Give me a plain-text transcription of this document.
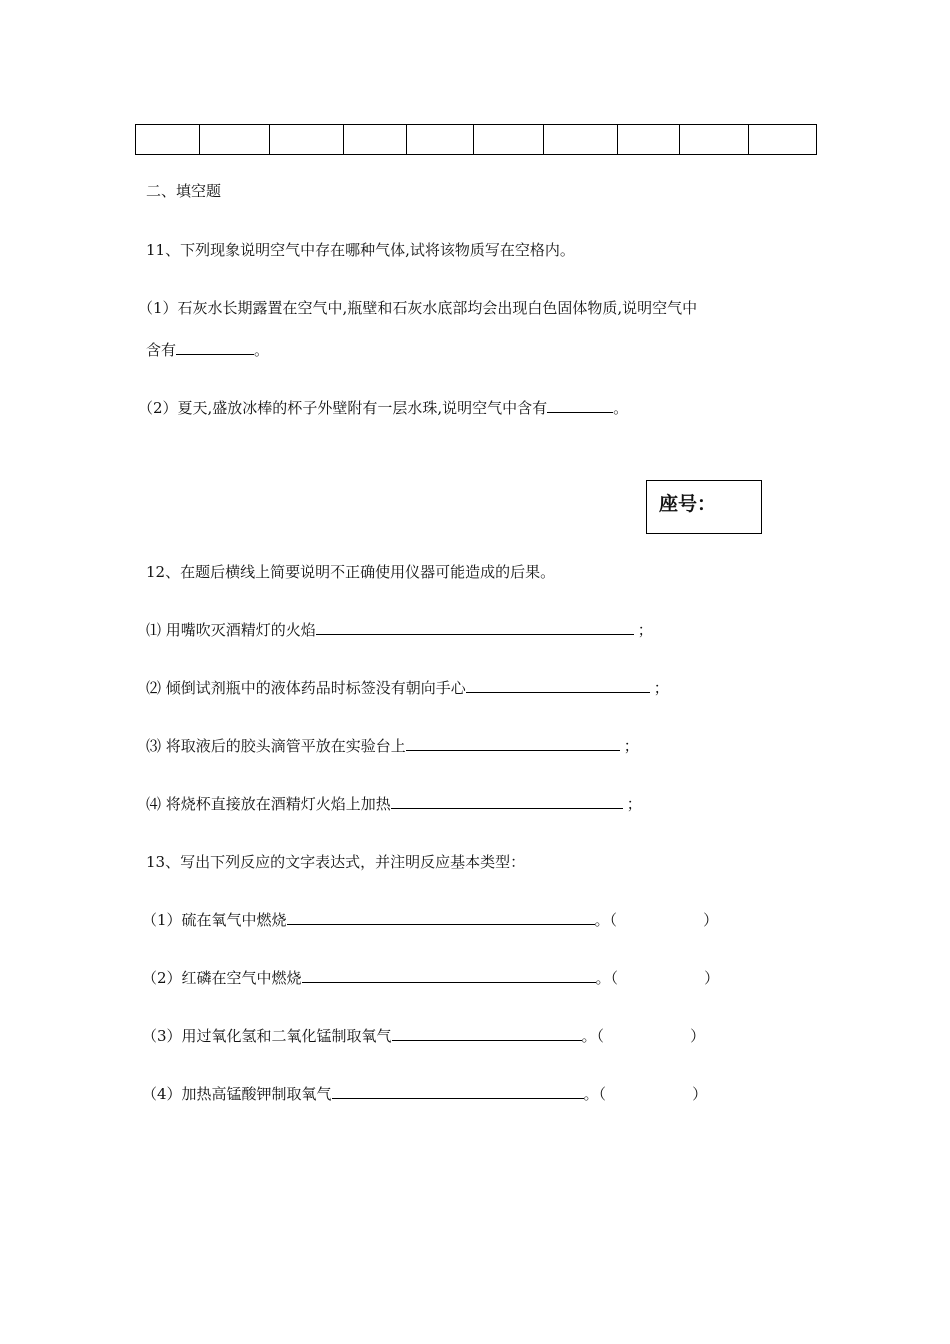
二、填空题
11、下列现象说明空气中存在哪种气体,试将该物质写在空格内。
（1）石灰水长期露置在空气中,瓶壁和石灰水底部均会出现白色固体物质,说明空气中
含有	。
（2）夏天,盛放冰棒的杯子外壁附有一层水珠,说明空气中含有	。
座号：
12、在题后横线上简要说明不正确使用仪器可能造成的后果。
⑴ 用嘴吹灭酒精灯的火焰	；
⑵ 倾倒试剂瓶中的液体药品时标签没有朝向手心	；
⑶ 将取液后的胶头滴管平放在实验台上	；
⑷ 将烧杯直接放在酒精灯火焰上加热	；
13、写出下列反应的文字表达式，并注明反应基本类型：
（1）硫在氧气中燃烧	。（	）
（2）红磷在空气中燃烧	。（	）
（3）用过氧化氢和二氧化锰制取氧气	。（	）
（4）加热高锰酸钾制取氧气	。（	）
